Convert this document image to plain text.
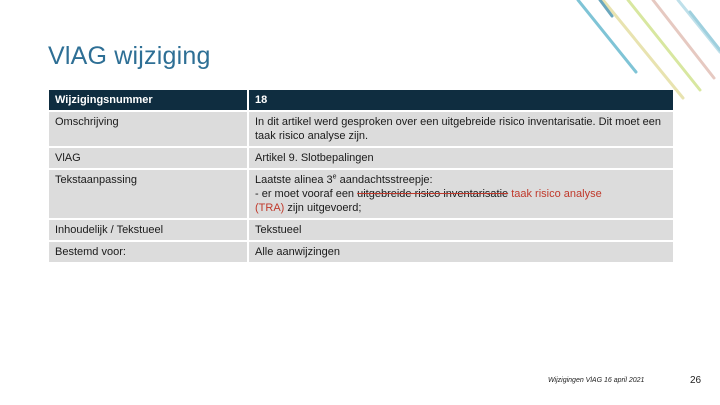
VlAG wijziging
Wijzigingsnummer	18
Omschrijving	In dit artikel werd gesproken over een uitgebreide risico inventarisatie. Dit moet een taak risico analyse zijn.
VlAG	Artikel 9. Slotbepalingen
Tekstaanpassing	Laatste alinea 3e aandachtsstreepje:
- er moet vooraf een uitgebreide risico inventarisatie taak risico analyse
(TRA) zijn uitgevoerd;

Inhoudelijk / Tekstueel	Tekstueel
Bestemd voor:	Alle aanwijzingen
Wijzigingen VlAG 16 april 2021	26
